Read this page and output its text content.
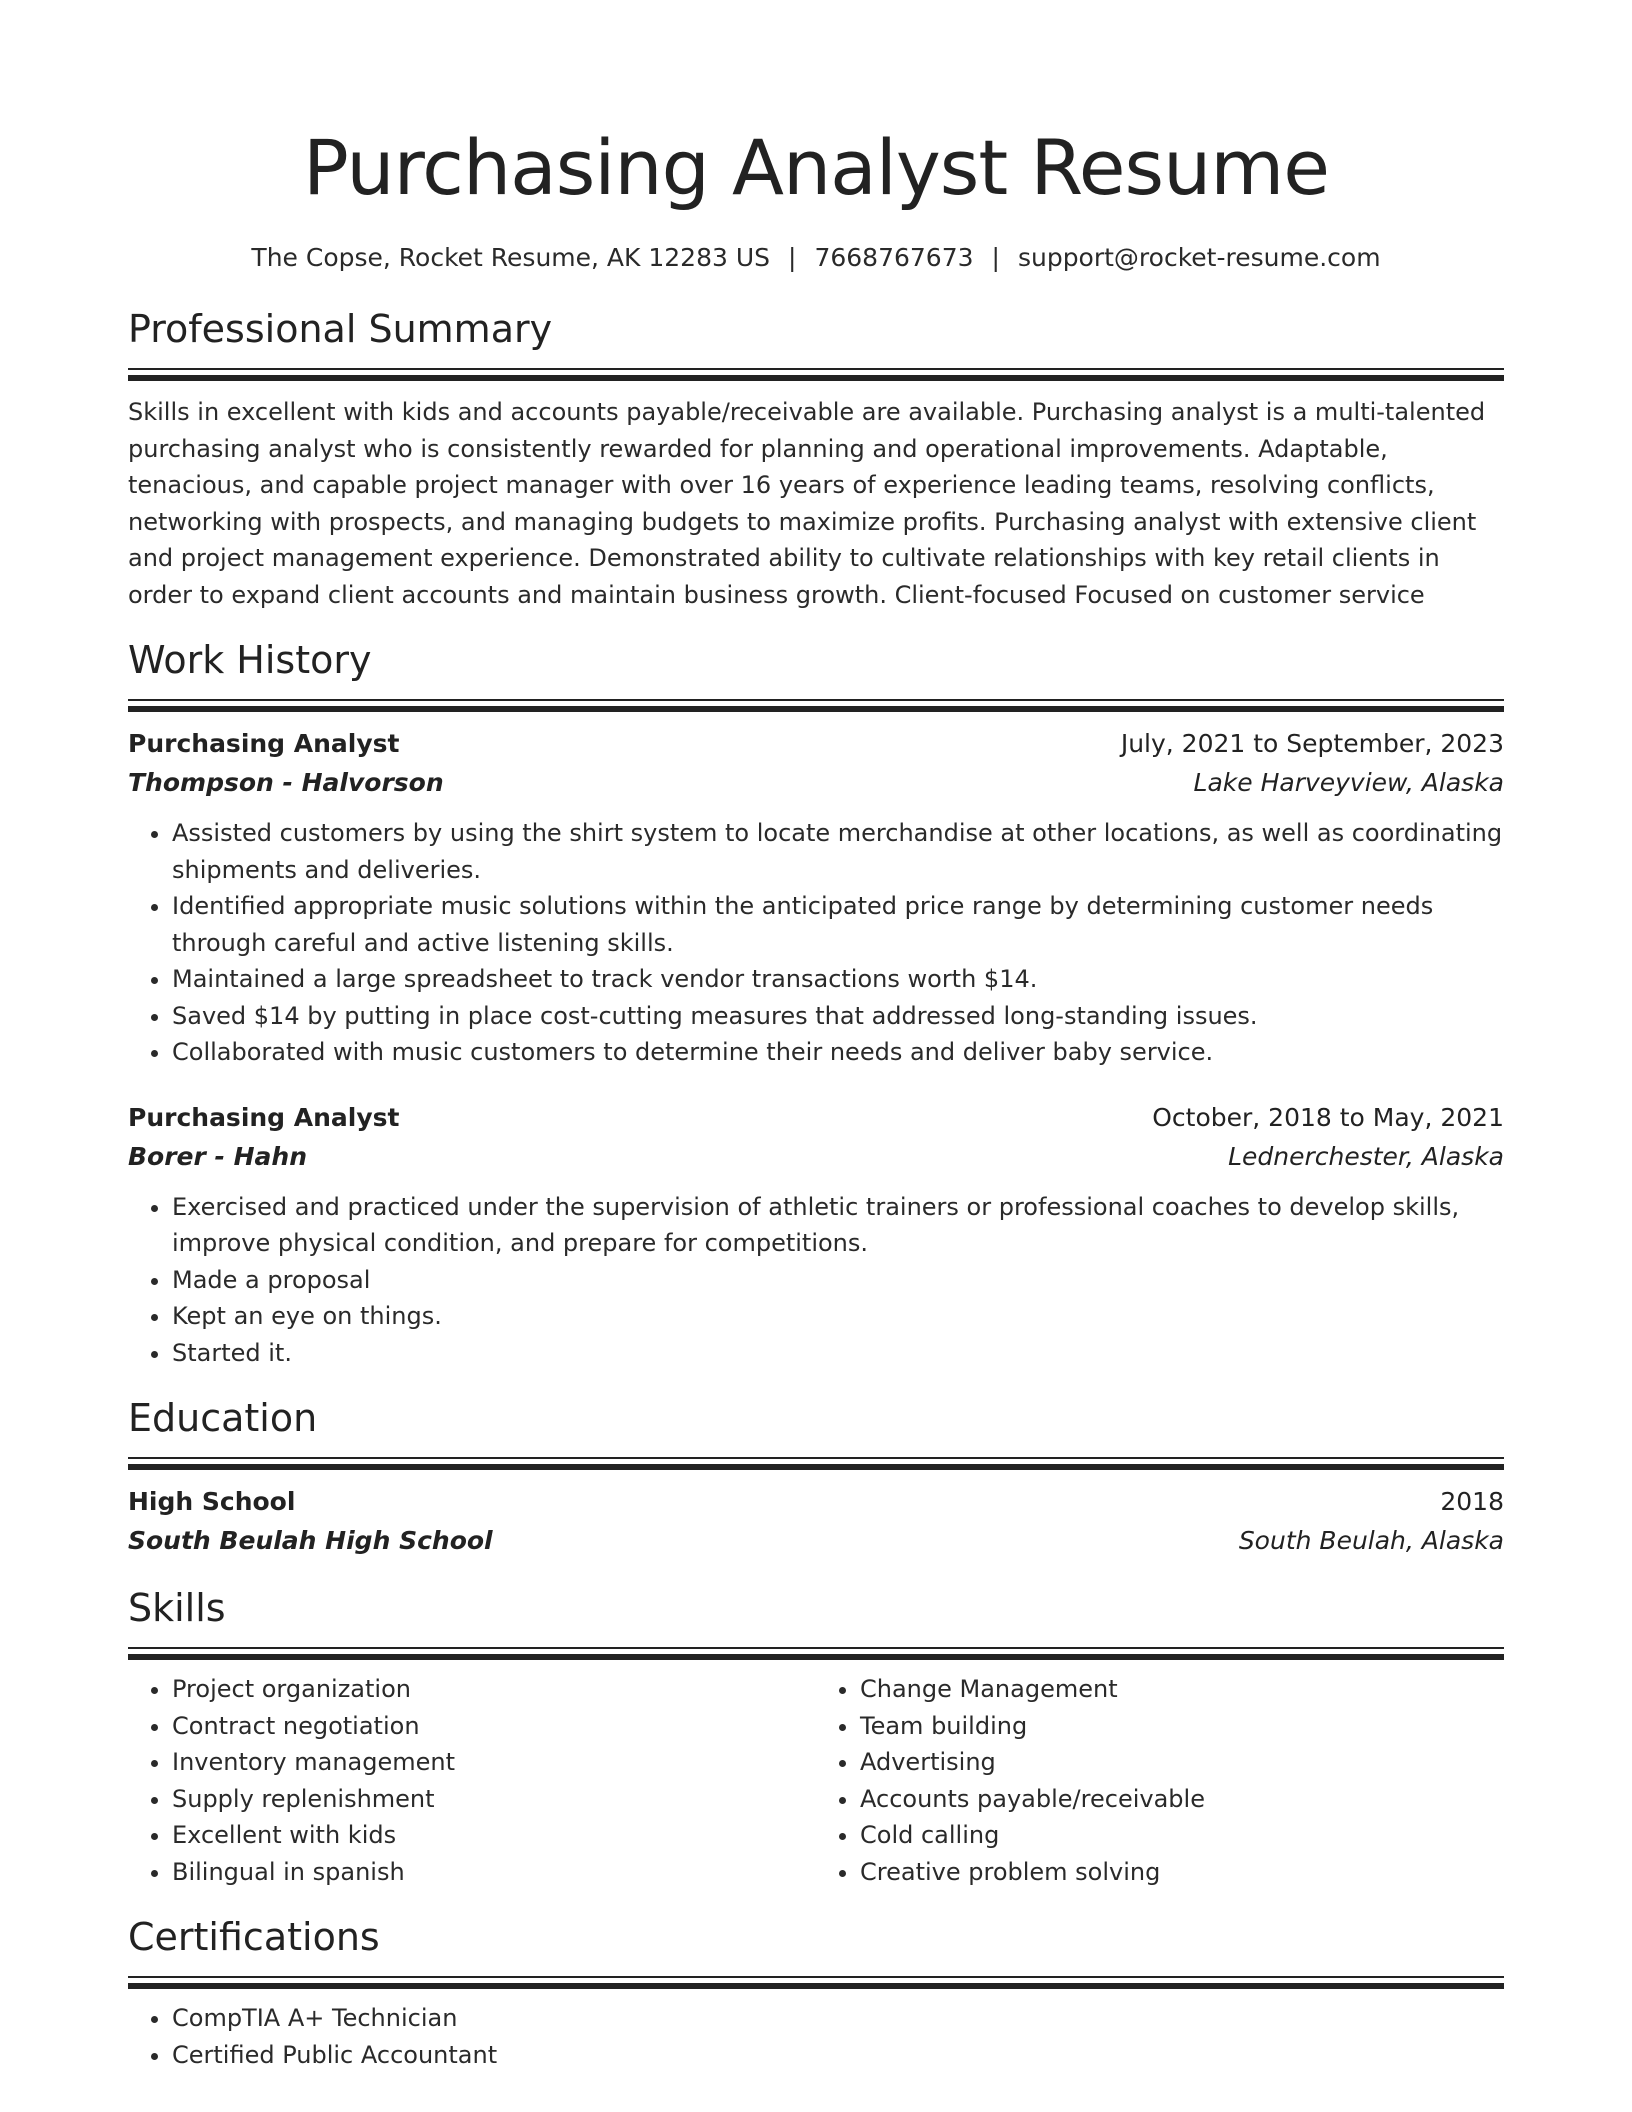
Purchasing Analyst Resume
The Copse, Rocket Resume, AK 12283 US | 7668767673 | support@rocket-resume.com
Professional Summary
Skills in excellent with kids and accounts payable/receivable are available. Purchasing analyst is a multi-talented purchasing analyst who is consistently rewarded for planning and operational improvements. Adaptable, tenacious, and capable project manager with over 16 years of experience leading teams, resolving conflicts, networking with prospects, and managing budgets to maximize profits. Purchasing analyst with extensive client and project management experience. Demonstrated ability to cultivate relationships with key retail clients in order to expand client accounts and maintain business growth. Client-focused Focused on customer service
Work History
Purchasing Analyst	July, 2021 to September, 2023
Thompson - Halvorson	Lake Harveyview, Alaska
• Assisted customers by using the shirt system to locate merchandise at other locations, as well as coordinating shipments and deliveries.
• Identified appropriate music solutions within the anticipated price range by determining customer needs through careful and active listening skills.
• Maintained a large spreadsheet to track vendor transactions worth $14.
• Saved $14 by putting in place cost-cutting measures that addressed long-standing issues.
• Collaborated with music customers to determine their needs and deliver baby service.
Purchasing Analyst	October, 2018 to May, 2021
Borer - Hahn	Lednerchester, Alaska
• Exercised and practiced under the supervision of athletic trainers or professional coaches to develop skills, improve physical condition, and prepare for competitions.
• Made a proposal
• Kept an eye on things.
• Started it.
Education
High School	2018
South Beulah High School	South Beulah, Alaska
Skills
• Project organization
• Contract negotiation
• Inventory management
• Supply replenishment
• Excellent with kids
• Bilingual in spanish
• Change Management
• Team building
• Advertising
• Accounts payable/receivable
• Cold calling
• Creative problem solving
Certifications
• CompTIA A+ Technician
• Certified Public Accountant
